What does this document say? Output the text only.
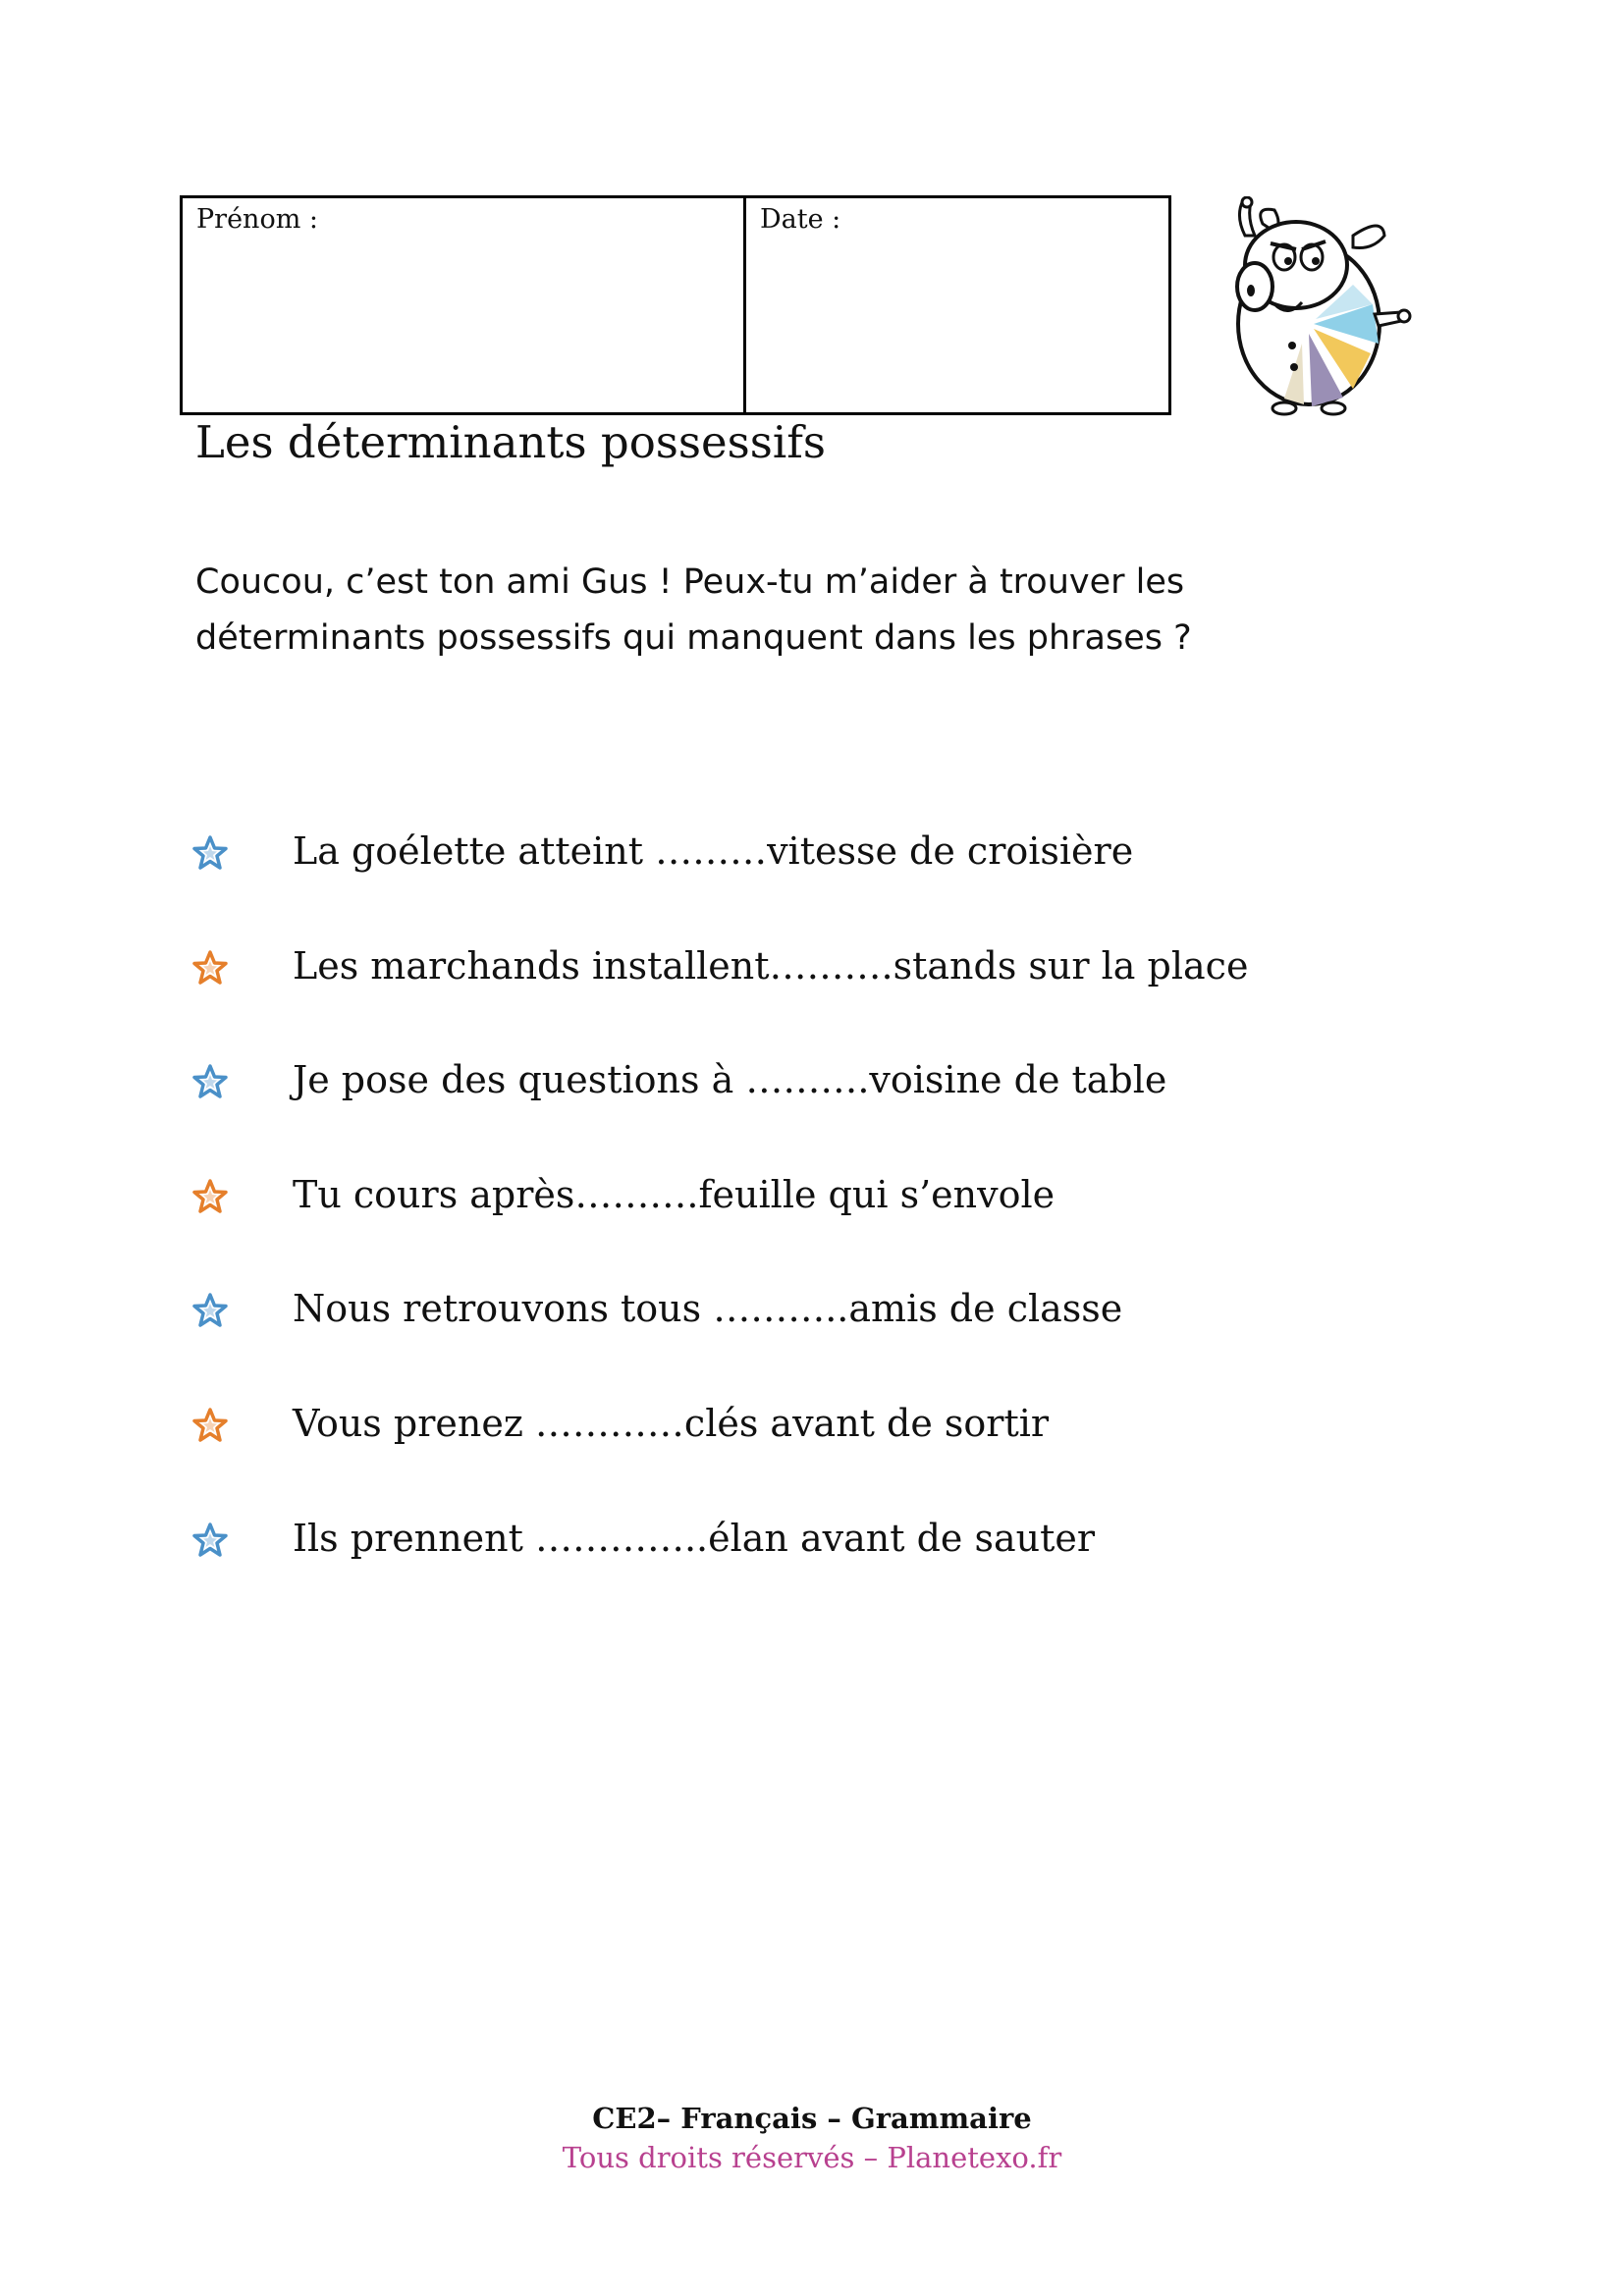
Prénom :	Date :
Les déterminants possessifs

Coucou, c’est ton ami Gus ! Peux-tu m’aider à trouver les déterminants possessifs qui manquent dans les phrases ?

La goélette atteint ………vitesse de croisière
Les marchands installent……….stands sur la place
Je pose des questions à ……….voisine de table
Tu cours après……….feuille qui s’envole
Nous retrouvons tous ………..amis de classe
Vous prenez …………clés avant de sortir
Ils prennent …………..élan avant de sauter
CE2– Français – Grammaire
Tous droits réservés – Planetexo.fr
